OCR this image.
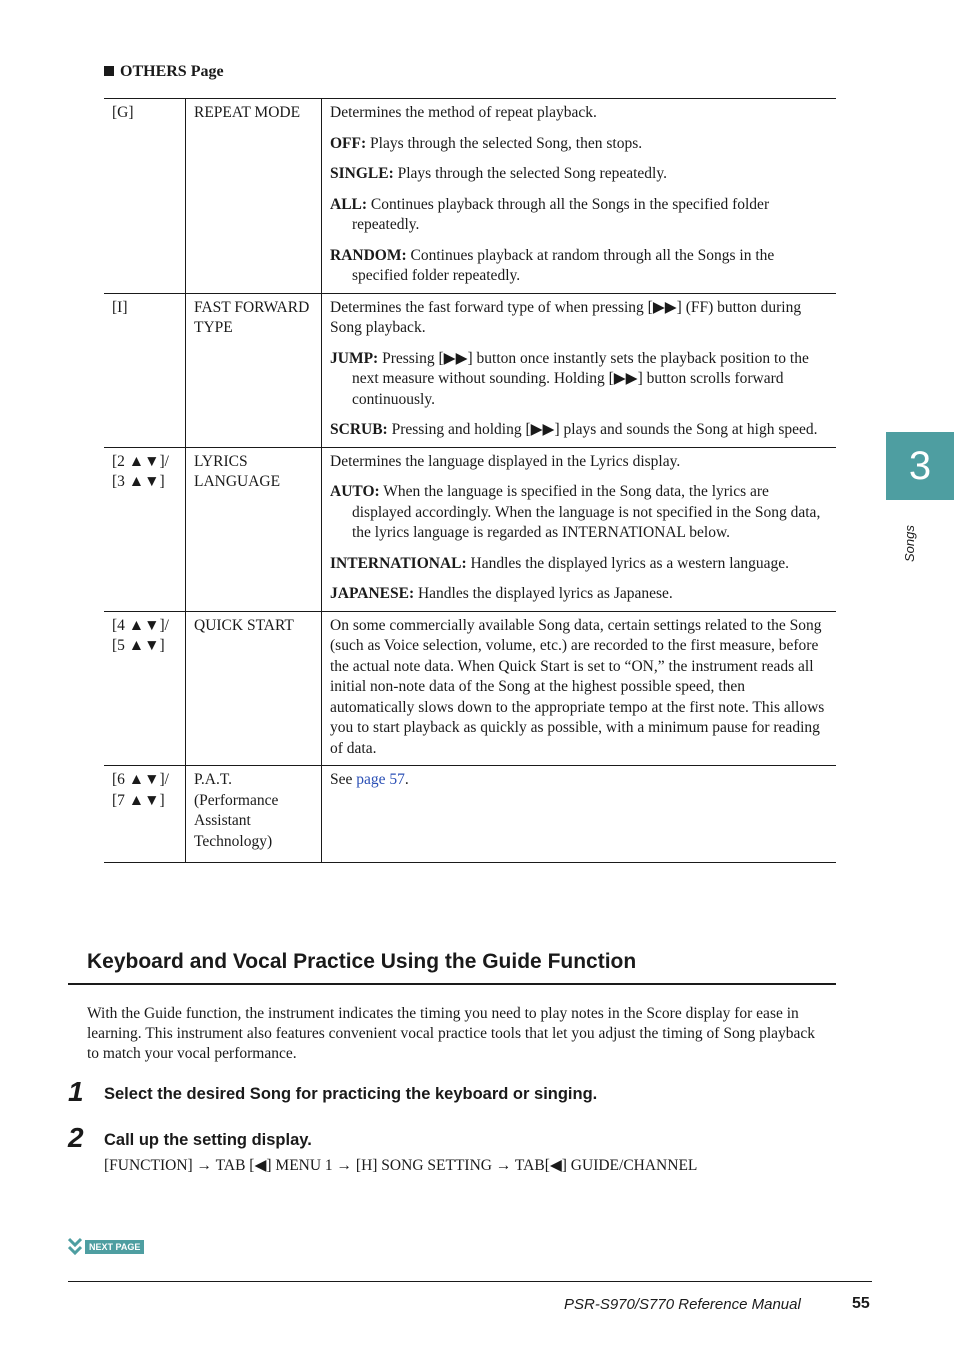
OTHERS Page
[G]	REPEAT MODE	Determines the method of repeat playback.

OFF: Plays through the selected Song, then stops.

SINGLE: Plays through the selected Song repeatedly.

ALL: Continues playback through all the Songs in the specified folder repeatedly.

RANDOM: Continues playback at random through all the Songs in the specified folder repeatedly.

[I]	FAST FORWARD TYPE	Determines the fast forward type of when pressing [▶▶] (FF) button during Song playback.

JUMP: Pressing [▶▶] button once instantly sets the playback position to the next measure without sounding. Holding [▶▶] button scrolls forward continuously.

SCRUB: Pressing and holding [▶▶] plays and sounds the Song at high speed.

[2 ▲▼]/ [3 ▲▼]	LYRICS LANGUAGE	Determines the language displayed in the Lyrics display.

AUTO: When the language is specified in the Song data, the lyrics are displayed accordingly. When the language is not specified in the Song data, the lyrics language is regarded as INTERNATIONAL below.

INTERNATIONAL: Handles the displayed lyrics as a western language.

JAPANESE: Handles the displayed lyrics as Japanese.

[4 ▲▼]/ [5 ▲▼]	QUICK START	On some commercially available Song data, certain settings related to the Song (such as Voice selection, volume, etc.) are recorded to the first measure, before the actual note data. When Quick Start is set to “ON,” the instrument reads all initial non-note data of the Song at the highest possible speed, then automatically slows down to the appropriate tempo at the first note. This allows you to start playback as quickly as possible, with a minimum pause for reading of data.

[6 ▲▼]/ [7 ▲▼]	P.A.T. (Performance Assistant Technology)	See page 57.

3
Songs
Keyboard and Vocal Practice Using the Guide Function
With the Guide function, the instrument indicates the timing you need to play notes in the Score display for ease in learning. This instrument also features convenient vocal practice tools that let you adjust the timing of Song playback to match your vocal performance.
1 Select the desired Song for practicing the keyboard or singing.
2 Call up the setting display.
[FUNCTION] → TAB [◀] MENU 1 → [H] SONG SETTING → TAB[◀] GUIDE/CHANNEL
NEXT PAGE
PSR-S970/S770 Reference Manual	55
